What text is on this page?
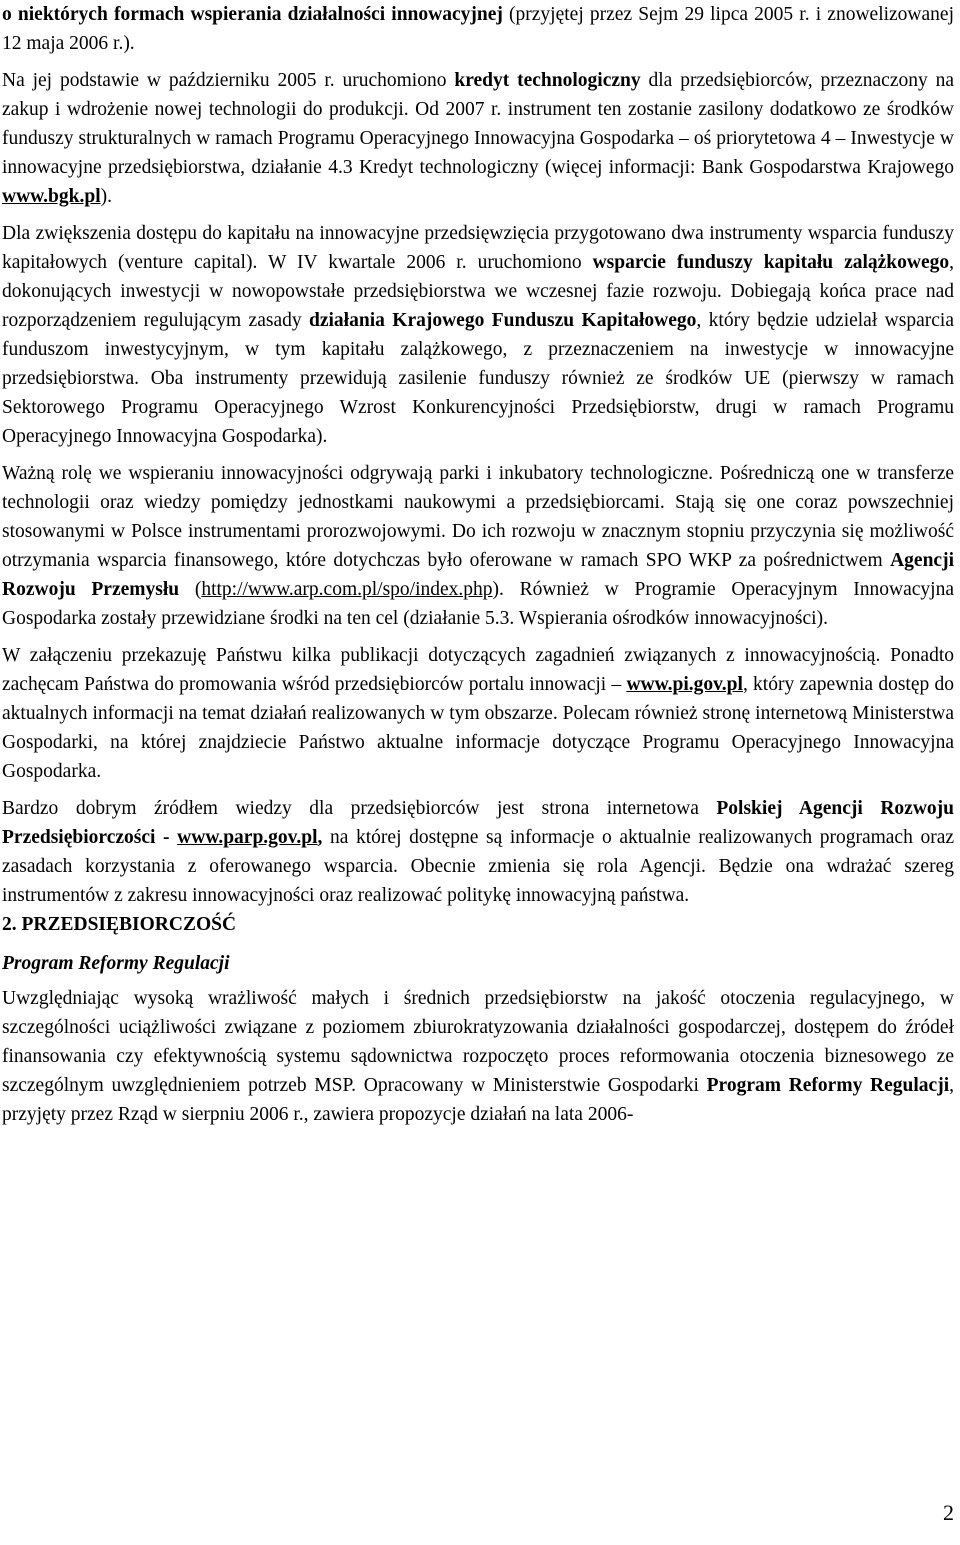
o niektórych formach wspierania działalności innowacyjnej (przyjętej przez Sejm 29 lipca 2005 r. i znowelizowanej 12 maja 2006 r.).

Na jej podstawie w październiku 2005 r. uruchomiono kredyt technologiczny dla przedsiębiorców, przeznaczony na zakup i wdrożenie nowej technologii do produkcji. Od 2007 r. instrument ten zostanie zasilony dodatkowo ze środków funduszy strukturalnych w ramach Programu Operacyjnego Innowacyjna Gospodarka – oś priorytetowa 4 – Inwestycje w innowacyjne przedsiębiorstwa, działanie 4.3 Kredyt technologiczny (więcej informacji: Bank Gospodarstwa Krajowego www.bgk.pl).

Dla zwiększenia dostępu do kapitału na innowacyjne przedsięwzięcia przygotowano dwa instrumenty wsparcia funduszy kapitałowych (venture capital). W IV kwartale 2006 r. uruchomiono wsparcie funduszy kapitału zalążkowego, dokonujących inwestycji w nowopowstałe przedsiębiorstwa we wczesnej fazie rozwoju. Dobiegają końca prace nad rozporządzeniem regulującym zasady działania Krajowego Funduszu Kapitałowego, który będzie udzielał wsparcia funduszom inwestycyjnym, w tym kapitału zalążkowego, z przeznaczeniem na inwestycje w innowacyjne przedsiębiorstwa. Oba instrumenty przewidują zasilenie funduszy również ze środków UE (pierwszy w ramach Sektorowego Programu Operacyjnego Wzrost Konkurencyjności Przedsiębiorstw, drugi w ramach Programu Operacyjnego Innowacyjna Gospodarka).

Ważną rolę we wspieraniu innowacyjności odgrywają parki i inkubatory technologiczne. Pośredniczą one w transferze technologii oraz wiedzy pomiędzy jednostkami naukowymi a przedsiębiorcami. Stają się one coraz powszechniej stosowanymi w Polsce instrumentami prorozwojowymi. Do ich rozwoju w znacznym stopniu przyczynia się możliwość otrzymania wsparcia finansowego, które dotychczas było oferowane w ramach SPO WKP za pośrednictwem Agencji Rozwoju Przemysłu (http://www.arp.com.pl/spo/index.php). Również w Programie Operacyjnym Innowacyjna Gospodarka zostały przewidziane środki na ten cel (działanie 5.3. Wspierania ośrodków innowacyjności).

W załączeniu przekazuję Państwu kilka publikacji dotyczących zagadnień związanych z innowacyjnością. Ponadto zachęcam Państwa do promowania wśród przedsiębiorców portalu innowacji – www.pi.gov.pl, który zapewnia dostęp do aktualnych informacji na temat działań realizowanych w tym obszarze. Polecam również stronę internetową Ministerstwa Gospodarki, na której znajdziecie Państwo aktualne informacje dotyczące Programu Operacyjnego Innowacyjna Gospodarka.

Bardzo dobrym źródłem wiedzy dla przedsiębiorców jest strona internetowa Polskiej Agencji Rozwoju Przedsiębiorczości - www.parp.gov.pl, na której dostępne są informacje o aktualnie realizowanych programach oraz zasadach korzystania z oferowanego wsparcia. Obecnie zmienia się rola Agencji. Będzie ona wdrażać szereg instrumentów z zakresu innowacyjności oraz realizować politykę innowacyjną państwa.

2. PRZEDSIĘBIORCZOŚĆ
Program Reformy Regulacji

Uwzględniając wysoką wrażliwość małych i średnich przedsiębiorstw na jakość otoczenia regulacyjnego, w szczególności uciążliwości związane z poziomem zbiurokratyzowania działalności gospodarczej, dostępem do źródeł finansowania czy efektywnością systemu sądownictwa rozpoczęto proces reformowania otoczenia biznesowego ze szczególnym uwzględnieniem potrzeb MSP. Opracowany w Ministerstwie Gospodarki Program Reformy Regulacji, przyjęty przez Rząd w sierpniu 2006 r., zawiera propozycje działań na lata 2006-

2
